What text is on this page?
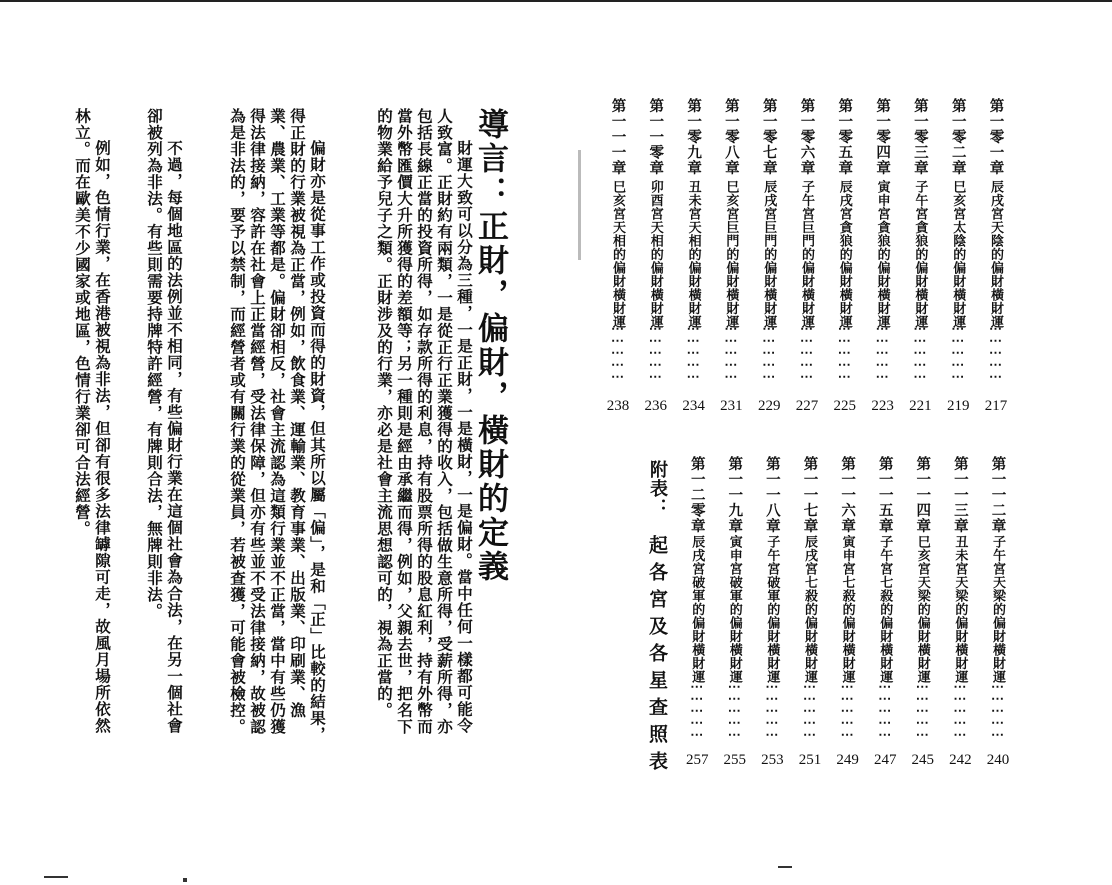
導言：正財，偏財，橫財的定義
財運大致可以分為三種，一是正財，一是橫財，一是偏財。當中任何一樣都可能令
人致富。正財約有兩類，一是從正行正業獲得的收入，包括做生意所得，受薪所得，亦
包括長線正當的投資所得，如存款所得的利息，持有股票所得的股息紅利，持有外幣而
當外幣匯價大升所獲得的差額等；另一種則是經由承繼而得，例如，父親去世，把名下
的物業給予兒子之類。正財涉及的行業，亦必是社會主流思想認可的，視為正當的。
偏財亦是從事工作或投資而得的財資，但其所以屬「偏」，是和「正」比較的結果，
得正財的行業被視為正當，例如，飲食業、運輸業、教育事業、出版業、印刷業、漁
業、農業、工業等都是。偏財卻相反，社會主流認為這類行業並不正當，當中有些仍獲
得法律接納，容許在社會上正當經營，受法律保障，但亦有些並不受法律接納，故被認
為是非法的，要予以禁制，而經營者或有關行業的從業員，若被查獲，可能會被檢控。
不過，每個地區的法例並不相同，有些偏財行業在這個社會為合法，在另一個社會
卻被列為非法。有些則需要持牌特許經營，有牌則合法，無牌則非法。
例如，色情行業，在香港被視為非法，但卻有很多法律罅隙可走，故風月場所依然
林立。而在歐美不少國家或地區，色情行業卻可合法經營。	第一零一章
辰戌宮天陰的偏財橫財運
⋯⋯⋯⋯⋯
217
第一零二章
巳亥宮太陰的偏財橫財運
⋯⋯⋯⋯⋯
219
第一零三章
子午宮貪狼的偏財橫財運
⋯⋯⋯⋯⋯
221
第一零四章
寅申宮貪狼的偏財橫財運
⋯⋯⋯⋯⋯
223
第一零五章
辰戌宮貪狼的偏財橫財運
⋯⋯⋯⋯⋯
225
第一零六章
子午宮巨門的偏財橫財運
⋯⋯⋯⋯⋯
227
第一零七章
辰戌宮巨門的偏財橫財運
⋯⋯⋯⋯⋯
229
第一零八章
巳亥宮巨門的偏財橫財運
⋯⋯⋯⋯⋯
231
第一零九章
丑未宮天相的偏財橫財運
⋯⋯⋯⋯⋯
234
第一一零章
卯酉宮天相的偏財橫財運
⋯⋯⋯⋯⋯
236
第一一一章
巳亥宮天相的偏財橫財運
⋯⋯⋯⋯⋯
238
第一一二章
子午宮天梁的偏財橫財運
⋯⋯⋯⋯⋯
240
第一一三章
丑未宮天梁的偏財橫財運
⋯⋯⋯⋯⋯
242
第一一四章
巳亥宮天梁的偏財橫財運
⋯⋯⋯⋯⋯
245
第一一五章
子午宮七殺的偏財橫財運
⋯⋯⋯⋯⋯
247
第一一六章
寅申宮七殺的偏財橫財運
⋯⋯⋯⋯⋯
249
第一一七章
辰戌宮七殺的偏財橫財運
⋯⋯⋯⋯⋯
251
第一一八章
子午宮破軍的偏財橫財運
⋯⋯⋯⋯⋯
253
第一一九章
寅申宮破軍的偏財橫財運
⋯⋯⋯⋯⋯
255
第一二零章
辰戌宮破軍的偏財橫財運
⋯⋯⋯⋯⋯
257
附表：
起各宮及各星查照表
